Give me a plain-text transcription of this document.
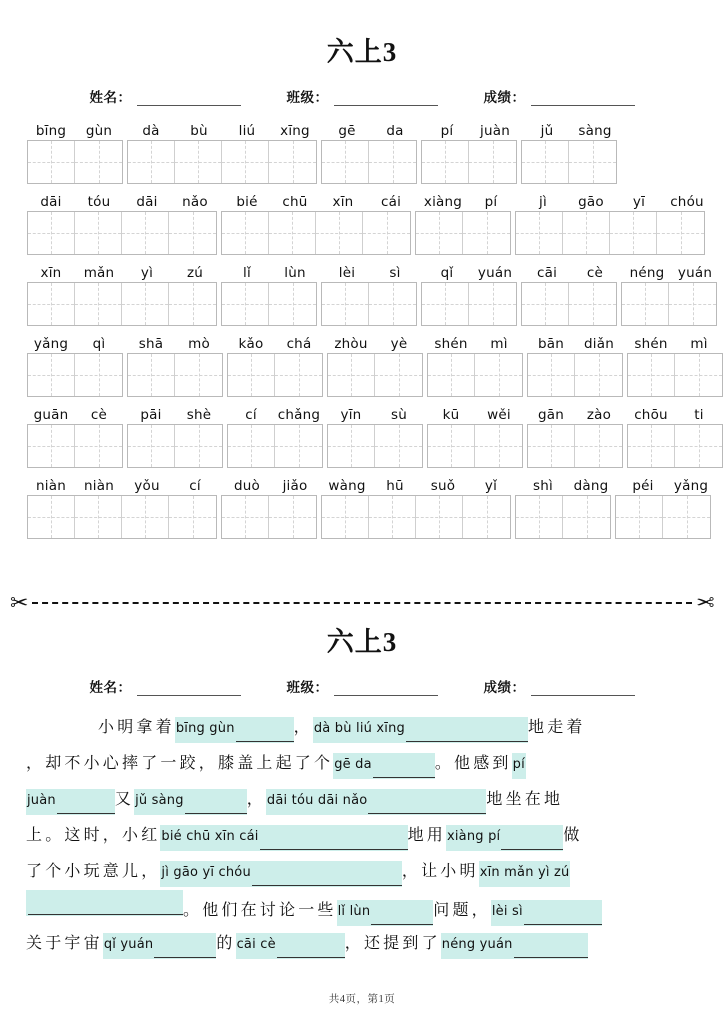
六上3
姓名：	班级：	成绩：
bīng	gùn	dà	bù	liú	xīng	gē	da	pí	juàn	jǔ	sàng
dāi	tóu	dāi	nǎo	bié	chū	xīn	cái	xiàng	pí	jì	gāo	yī	chóu
xīn	mǎn	yì	zú	lǐ	lùn	lèi	sì	qǐ	yuán	cāi	cè	néng	yuán
yǎng	qì	shā	mò	kǎo	chá	zhòu	yè	shén	mì	bān	diǎn	shén	mì
guān	cè	pāi	shè	cí	chǎng	yīn	sù	kū	wěi	gān	zào	chōu	ti
niàn	niàn	yǒu	cí	duò	jiǎo	wàng	hū	suǒ	yǐ	shì	dàng	péi	yǎng
✂	✂
六上3
姓名：	班级：	成绩：
小明拿着 bīng gùn	， dà bù liú xīng	地走着
，却不小心摔了一跤，膝盖上起了个 gē da	。他感到 pí
juàn	又 jǔ sàng	， dāi tóu dāi nǎo	地坐在地
上。这时，小红 bié chū xīn cái	地用 xiàng pí	做
了个小玩意儿， jì gāo yī chóu	，让小明 xīn mǎn yì zú
。他们在讨论一些 lǐ lùn	问题， lèi sì
关于宇宙 qǐ yuán	的 cāi cè	，还提到了 néng yuán
共4页，第1页
